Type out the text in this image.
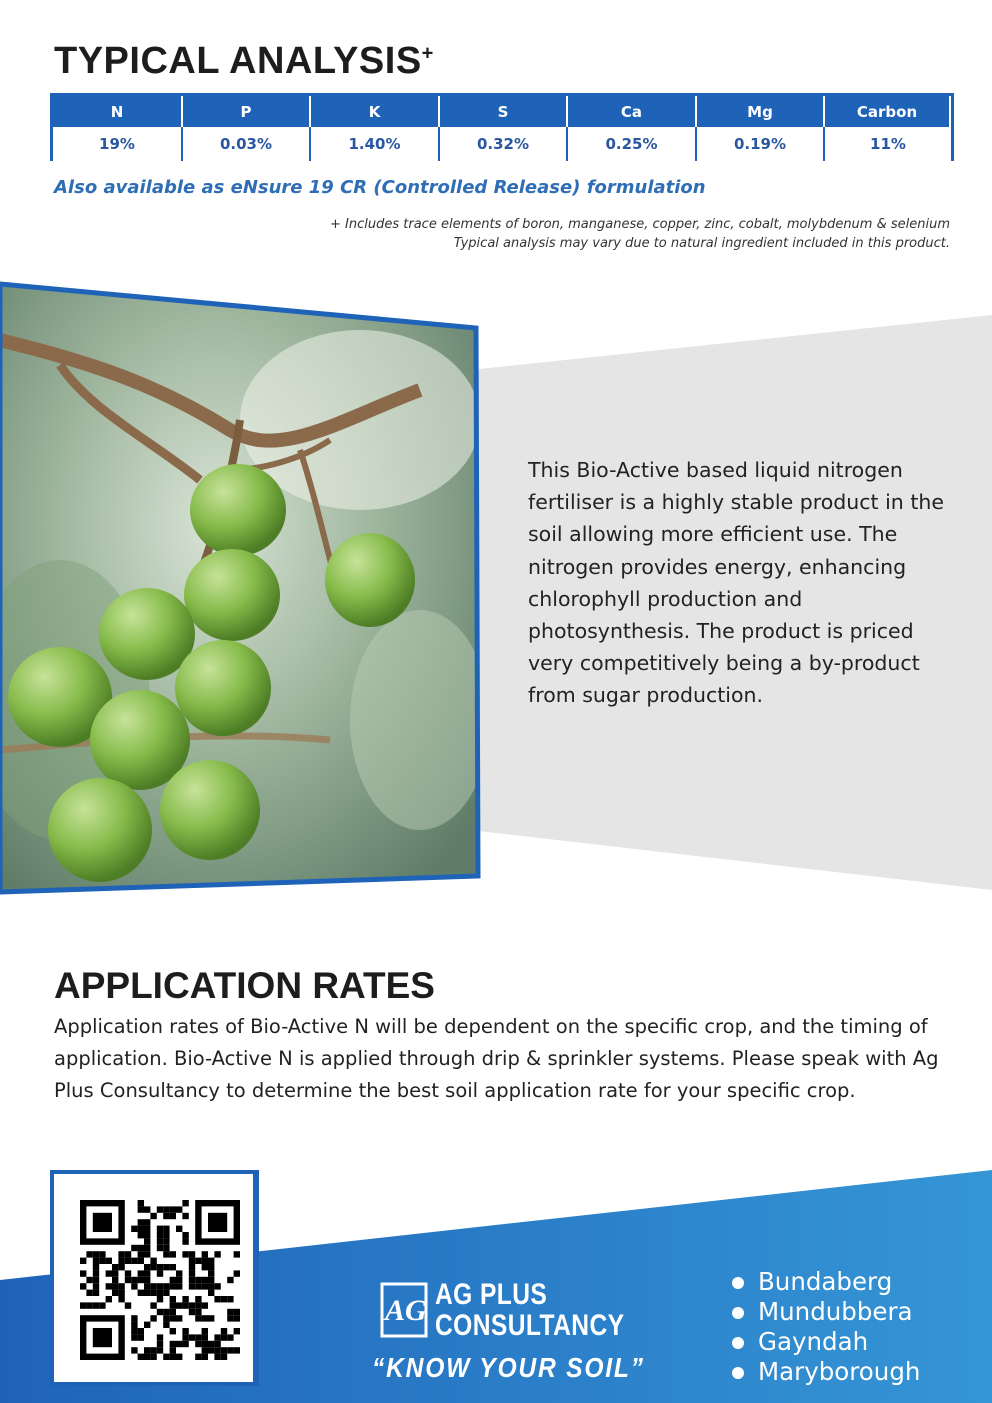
TYPICAL ANALYSIS+
N	P	K	S	Ca	Mg	Carbon
19%	0.03%	1.40%	0.32%	0.25%	0.19%	11%
Also available as eNsure 19 CR (Controlled Release) formulation
+ Includes trace elements of boron, manganese, copper, zinc, cobalt, molybdenum & selenium
Typical analysis may vary due to natural ingredient included in this product.
This Bio-Active based liquid nitrogen fertiliser is a highly stable product in the soil allowing more efficient use. The nitrogen provides energy, enhancing chlorophyll production and photosynthesis. The product is priced very competitively being a by-product from sugar production.
APPLICATION RATES
Application rates of Bio-Active N will be dependent on the specific crop, and the timing of application. Bio-Active N is applied through drip & sprinkler systems. Please speak with Ag Plus Consultancy to determine the best soil application rate for your specific crop.
AG AG PLUS
CONSULTANCY
“KNOW YOUR SOIL”
Bundaberg
Mundubbera
Gayndah
Maryborough
